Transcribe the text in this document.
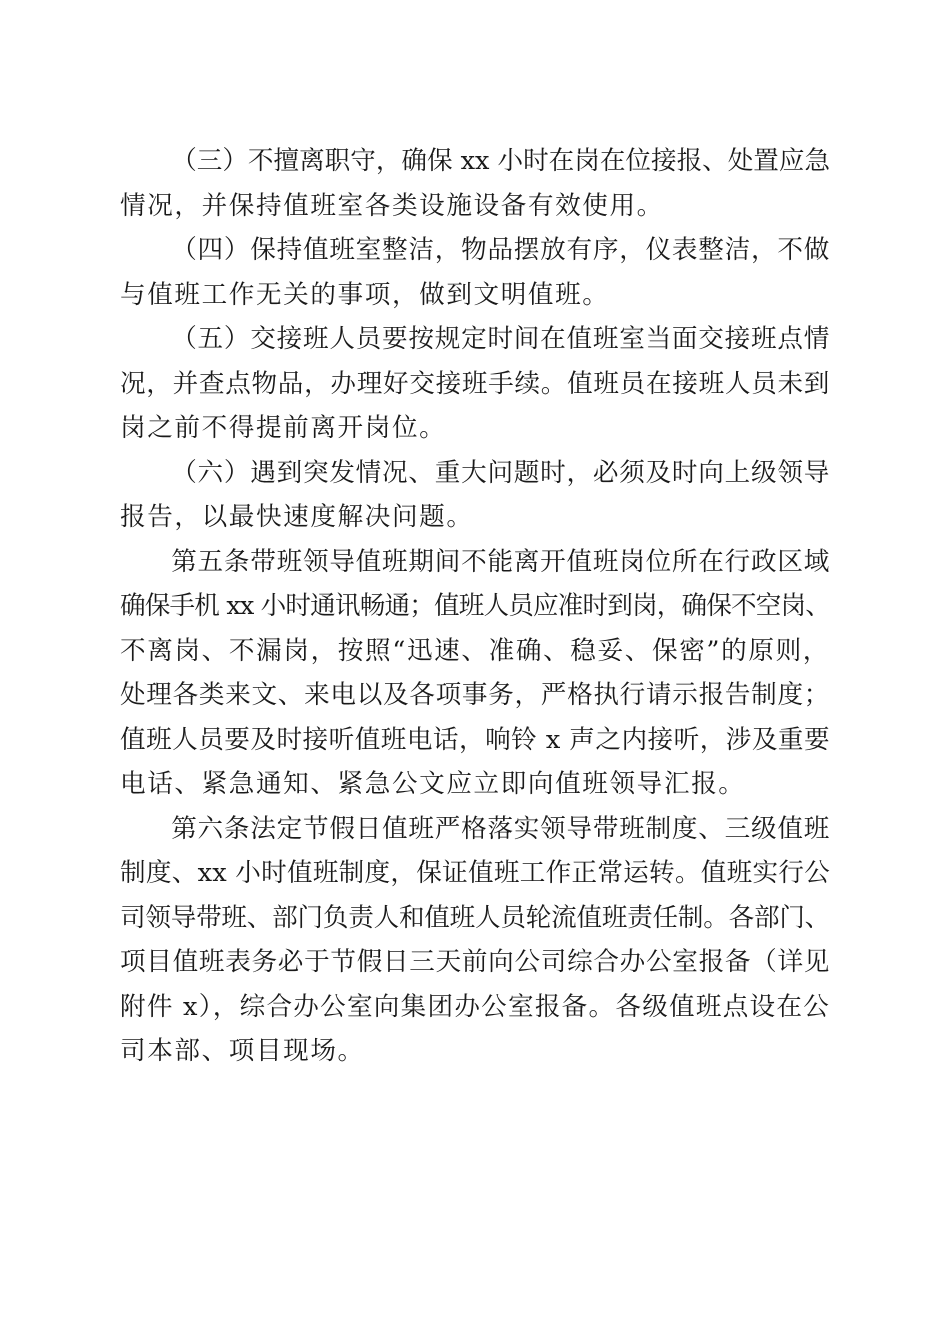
（三）不擅离职守，确保 xx 小时在岗在位接报、处置应急
情况，并保持值班室各类设施设备有效使用。
（四）保持值班室整洁，物品摆放有序，仪表整洁，不做
与值班工作无关的事项，做到文明值班。
（五）交接班人员要按规定时间在值班室当面交接班点情
况，并查点物品，办理好交接班手续。值班员在接班人员未到
岗之前不得提前离开岗位。
（六）遇到突发情况、重大问题时，必须及时向上级领导
报告，以最快速度解决问题。
第五条带班领导值班期间不能离开值班岗位所在行政区域
确保手机 xx 小时通讯畅通；值班人员应准时到岗，确保不空岗、
不离岗、不漏岗，按照“迅速、准确、稳妥、保密”的原则，
处理各类来文、来电以及各项事务，严格执行请示报告制度；
值班人员要及时接听值班电话，响铃 x 声之内接听，涉及重要
电话、紧急通知、紧急公文应立即向值班领导汇报。
第六条法定节假日值班严格落实领导带班制度、三级值班
制度、xx 小时值班制度，保证值班工作正常运转。值班实行公
司领导带班、部门负责人和值班人员轮流值班责任制。各部门、
项目值班表务必于节假日三天前向公司综合办公室报备（详见
附件 x），综合办公室向集团办公室报备。各级值班点设在公
司本部、项目现场。
